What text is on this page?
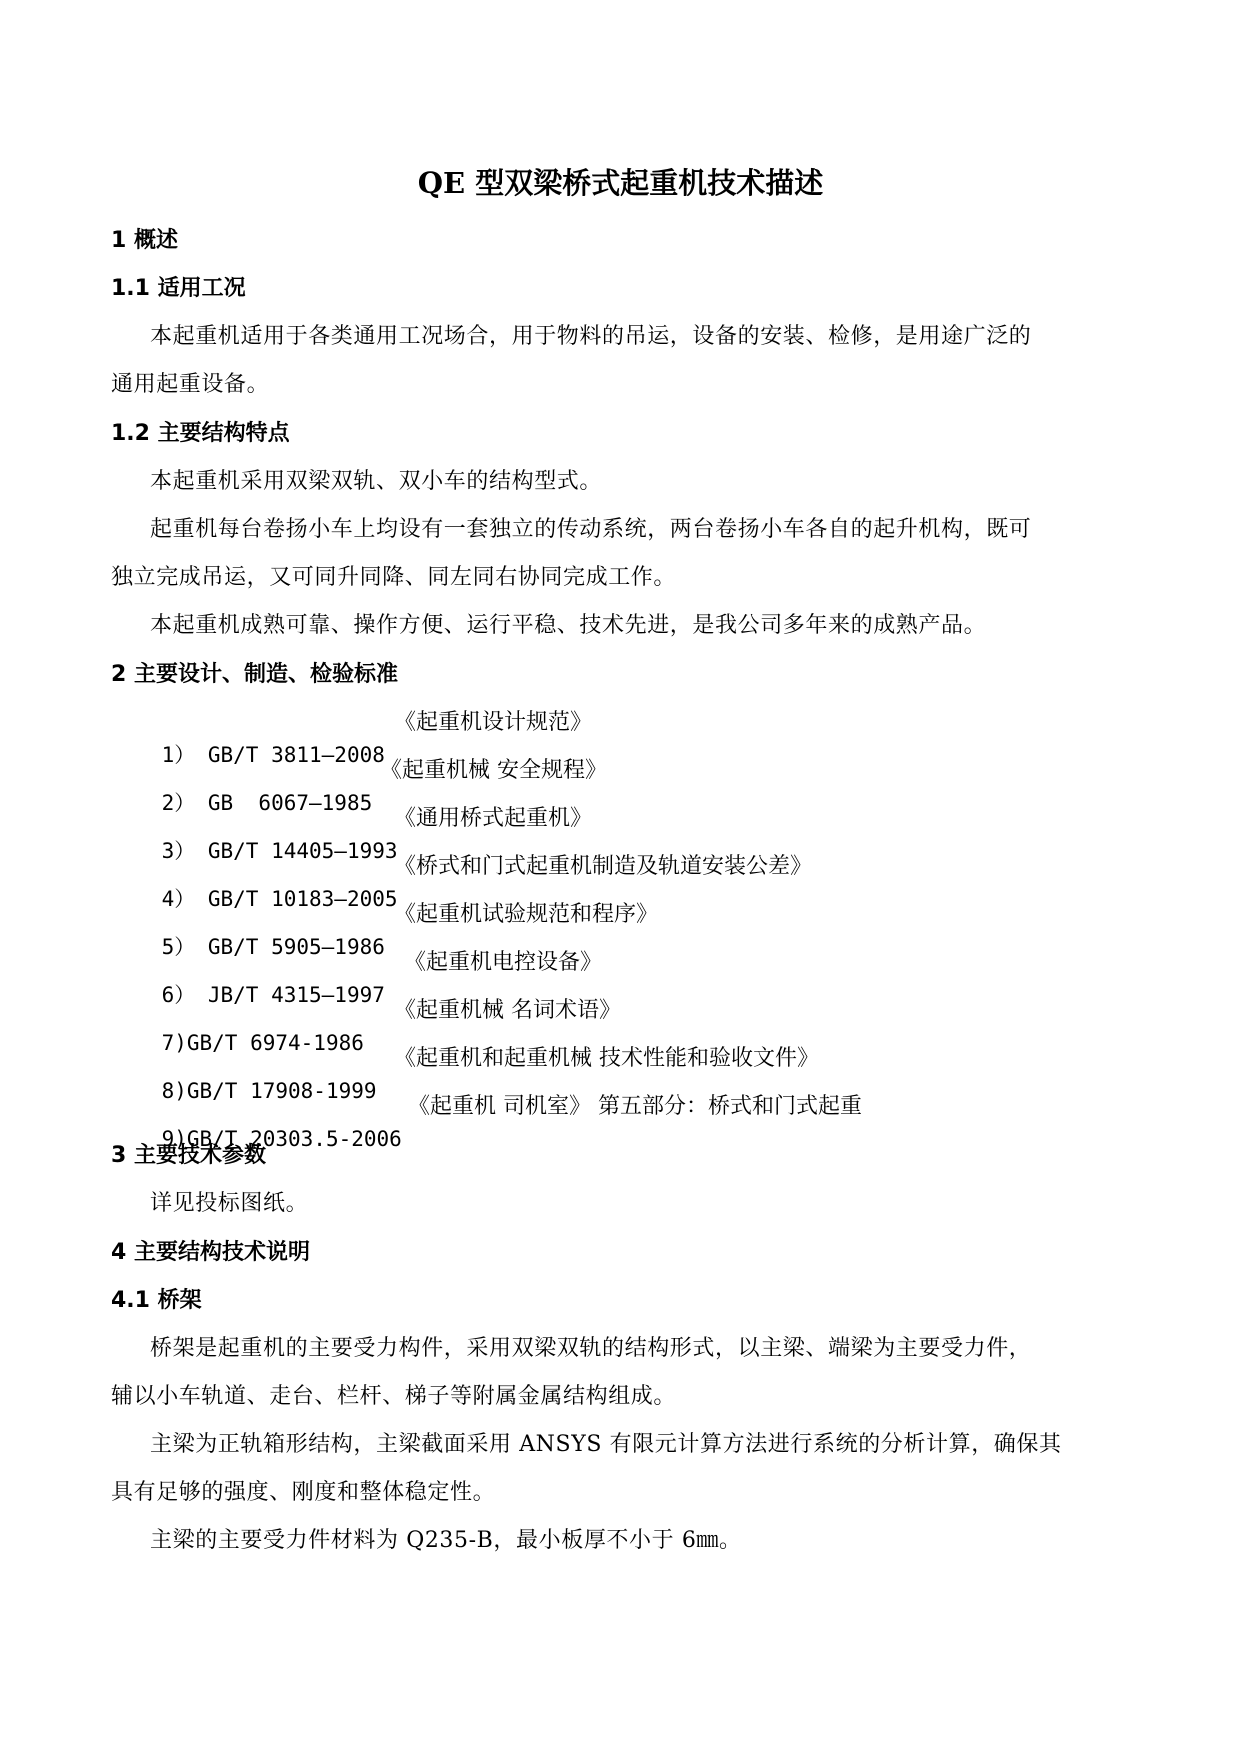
QE 型双梁桥式起重机技术描述
1 概述
1.1 适用工况
本起重机适用于各类通用工况场合，用于物料的吊运，设备的安装、检修，是用途广泛的
通用起重设备。
1.2 主要结构特点
本起重机采用双梁双轨、双小车的结构型式。
起重机每台卷扬小车上均设有一套独立的传动系统，两台卷扬小车各自的起升机构，既可
独立完成吊运，又可同升同降、同左同右协同完成工作。
本起重机成熟可靠、操作方便、运行平稳、技术先进，是我公司多年来的成熟产品。
2 主要设计、制造、检验标准

1） GB/T 3811—2008

《起重机设计规范》

2） GB  6067—1985

《起重机械 安全规程》

3） GB/T 14405—1993

《通用桥式起重机》

4） GB/T 10183—2005

《桥式和门式起重机制造及轨道安装公差》

5） GB/T 5905—1986

《起重机试验规范和程序》

6） JB/T 4315—1997

《起重机电控设备》

7)GB/T 6974-1986

《起重机械 名词术语》

8)GB/T 17908-1999

《起重机和起重机械 技术性能和验收文件》

9)GB/T 20303.5-2006

《起重机 司机室》 第五部分：桥式和门式起重

3 主要技术参数
详见投标图纸。
4 主要结构技术说明
4.1 桥架
桥架是起重机的主要受力构件，采用双梁双轨的结构形式，以主梁、端梁为主要受力件，
辅以小车轨道、走台、栏杆、梯子等附属金属结构组成。
主梁为正轨箱形结构，主梁截面采用 ANSYS 有限元计算方法进行系统的分析计算，确保其
具有足够的强度、刚度和整体稳定性。
主梁的主要受力件材料为 Q235-B，最小板厚不小于 6㎜。
